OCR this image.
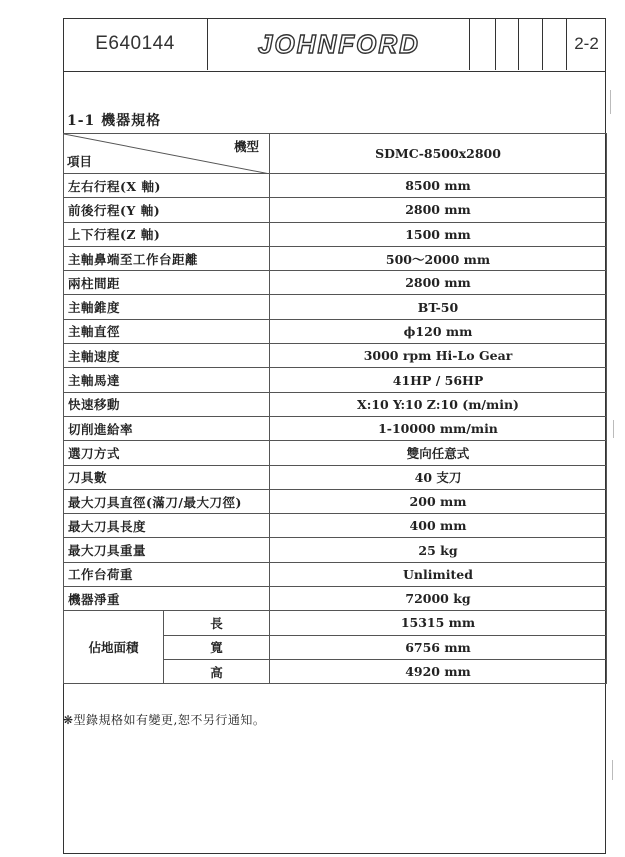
E640144	JOHNFORD	2-2
1-1 機器規格
機型
項目		SDMC-8500x2800
左右行程(X 軸)		8500 mm
前後行程(Y 軸)		2800 mm
上下行程(Z 軸)		1500 mm
主軸鼻端至工作台距離		500～2000 mm
兩柱間距		2800 mm
主軸錐度		BT-50
主軸直徑		ϕ120 mm
主軸速度		3000 rpm Hi-Lo Gear
主軸馬達		41HP / 56HP
快速移動		X:10 Y:10 Z:10 (m/min)
切削進給率		1-10000 mm/min
選刀方式		雙向任意式
刀具數		40 支刀
最大刀具直徑(滿刀/最大刀徑)		200 mm
最大刀具長度		400 mm
最大刀具重量		25 kg
工作台荷重		Unlimited
機器淨重		72000 kg
佔地面積	長	15315 mm
	寬	6756 mm
	高	4920 mm
❋型錄規格如有變更,恕不另行通知。
